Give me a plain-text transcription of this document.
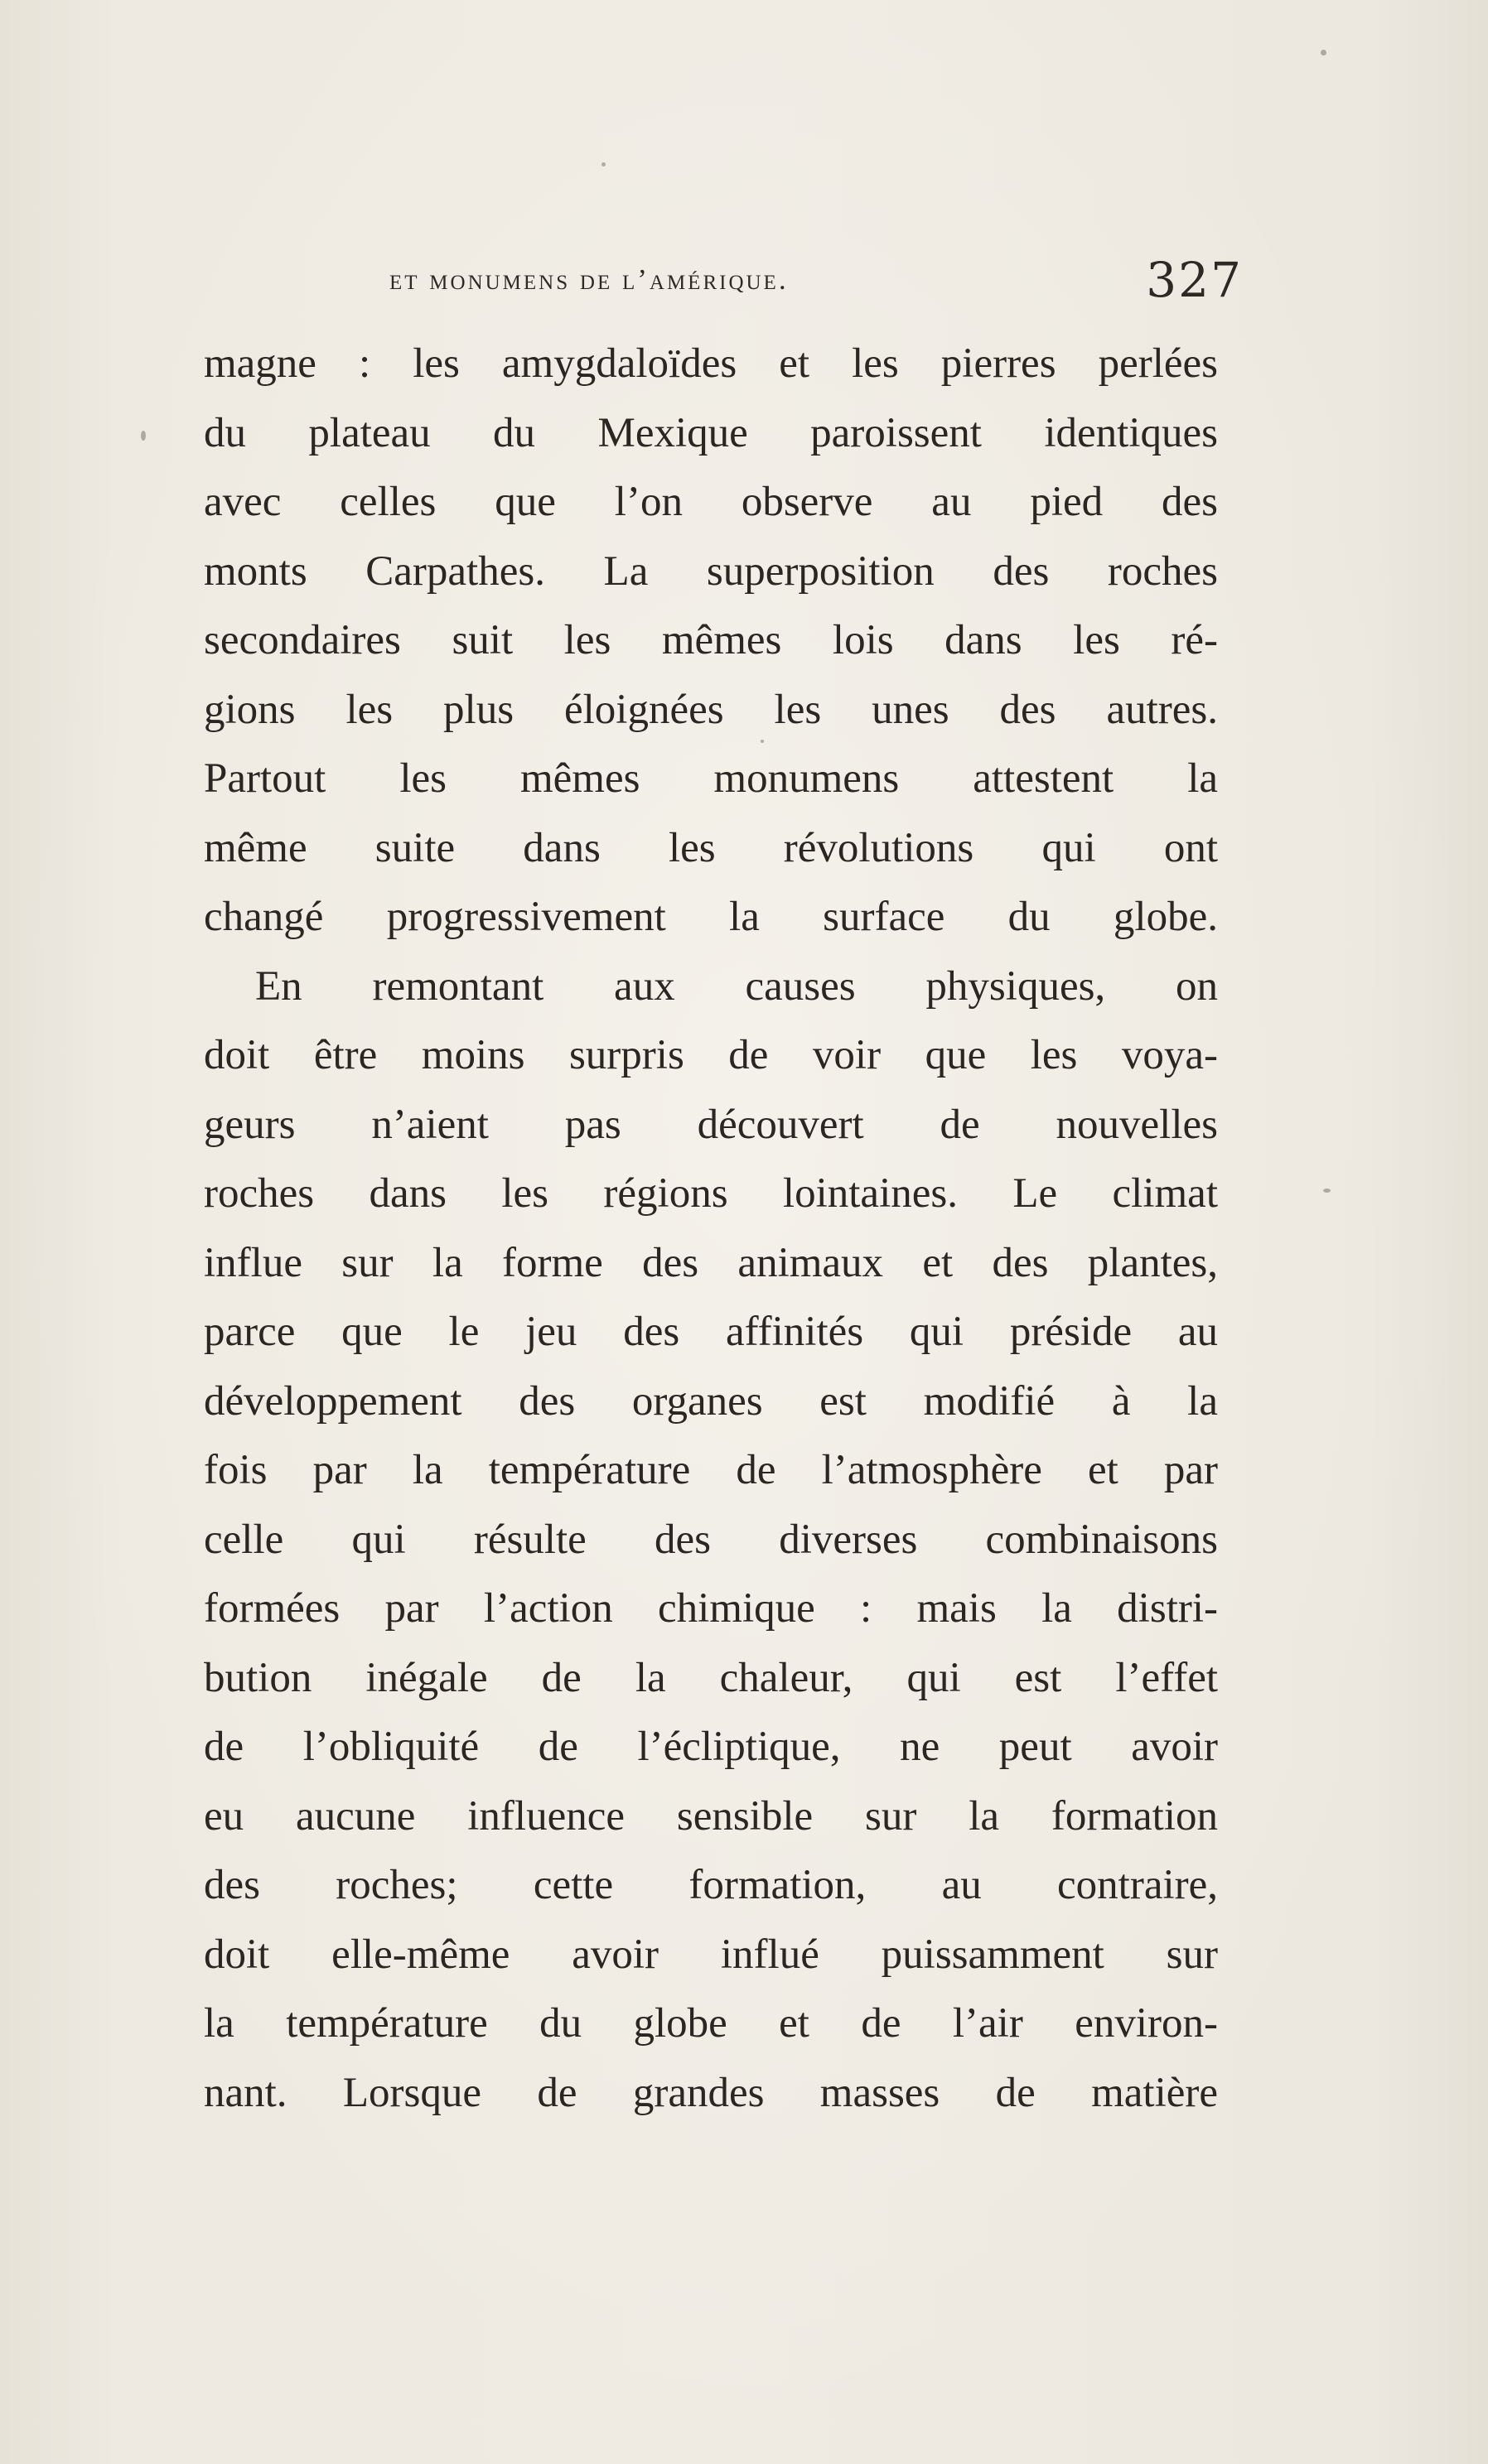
et monumens de l’amérique.	327
magne : les amygdaloïdes et les pierres perlées
du plateau du Mexique paroissent identiques
avec celles que l’on observe au pied des
monts Carpathes. La superposition des roches
secondaires suit les mêmes lois dans les ré-
gions les plus éloignées les unes des autres.
Partout les mêmes monumens attestent la
même suite dans les révolutions qui ont
changé progressivement la surface du globe.
En remontant aux causes physiques, on
doit être moins surpris de voir que les voya-
geurs n’aient pas découvert de nouvelles
roches dans les régions lointaines. Le climat
influe sur la forme des animaux et des plantes,
parce que le jeu des affinités qui préside au
développement des organes est modifié à la
fois par la température de l’atmosphère et par
celle qui résulte des diverses combinaisons
formées par l’action chimique : mais la distri-
bution inégale de la chaleur, qui est l’effet
de l’obliquité de l’écliptique, ne peut avoir
eu aucune influence sensible sur la formation
des roches; cette formation, au contraire,
doit elle-même avoir influé puissamment sur
la température du globe et de l’air environ-
nant. Lorsque de grandes masses de matière
